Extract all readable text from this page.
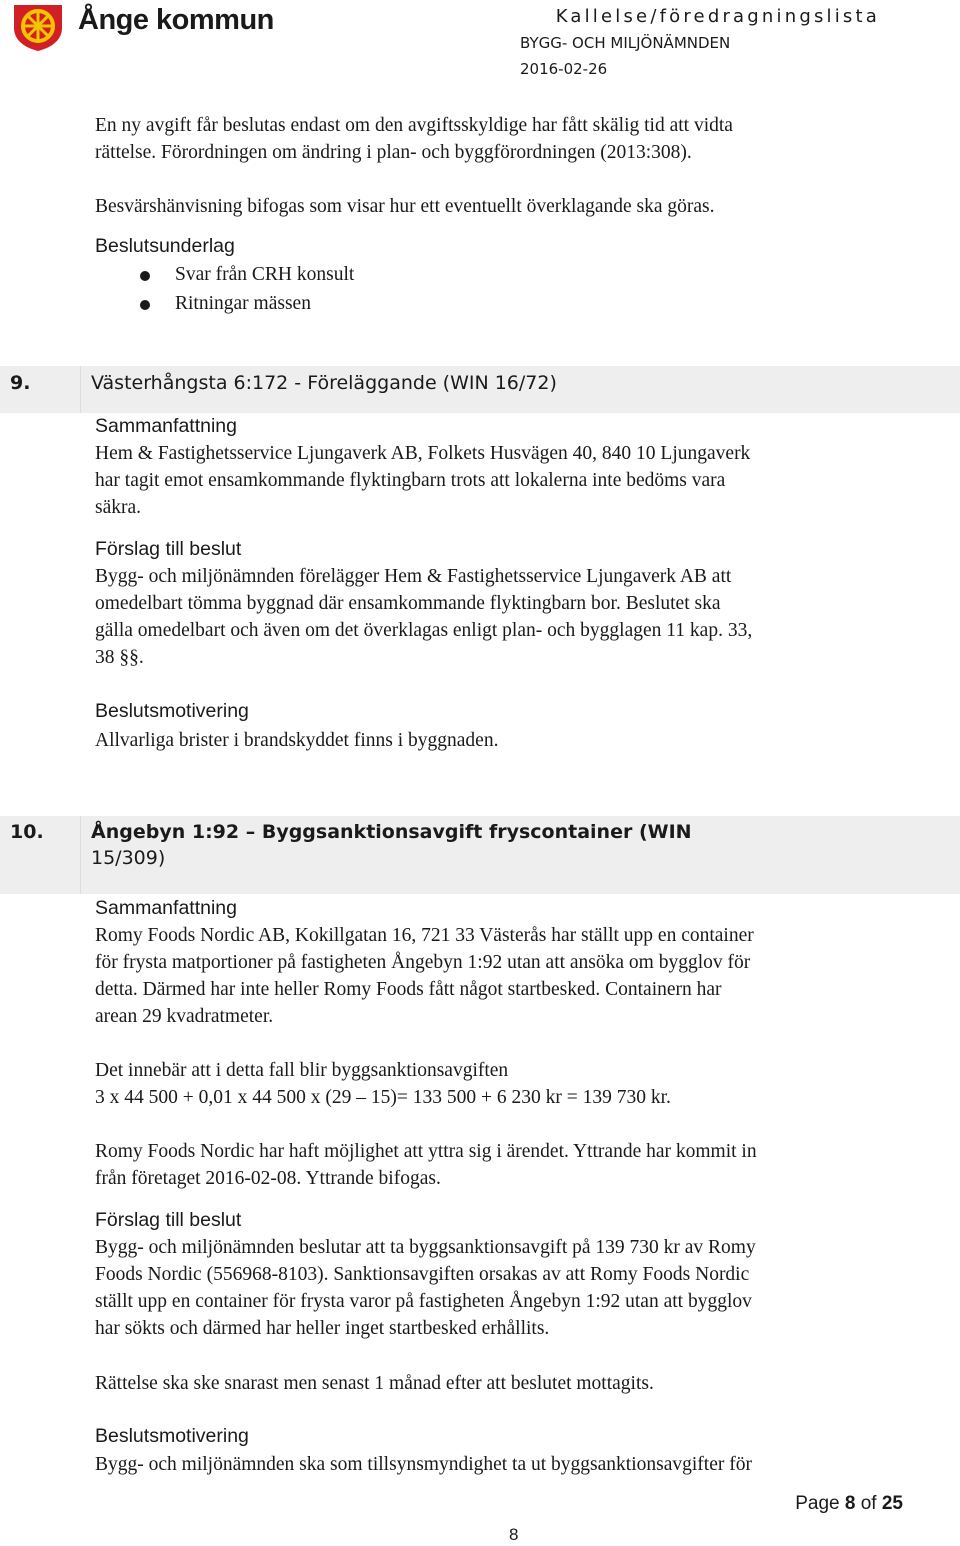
Ånge kommun	Kallelse/föredragningslista
BYGG- OCH MILJÖNÄMNDEN
2016-02-26
En ny avgift får beslutas endast om den avgiftsskyldige har fått skälig tid att vidta
rättelse. Förordningen om ändring i plan- och byggförordningen (2013:308).
Besvärshänvisning bifogas som visar hur ett eventuellt överklagande ska göras.
Beslutsunderlag
Svar från CRH konsult
Ritningar mässen
9.	Västerhångsta 6:172 - Föreläggande (WIN 16/72)
Sammanfattning
Hem & Fastighetsservice Ljungaverk AB, Folkets Husvägen 40, 840 10 Ljungaverk
har tagit emot ensamkommande flyktingbarn trots att lokalerna inte bedöms vara
säkra.
Förslag till beslut
Bygg- och miljönämnden förelägger Hem & Fastighetsservice Ljungaverk AB att
omedelbart tömma byggnad där ensamkommande flyktingbarn bor. Beslutet ska
gälla omedelbart och även om det överklagas enligt plan- och bygglagen 11 kap. 33,
38 §§.
Beslutsmotivering
Allvarliga brister i brandskyddet finns i byggnaden.
10. Ångebyn 1:92 – Byggsanktionsavgift fryscontainer (WIN
15/309)
Sammanfattning
Romy Foods Nordic AB, Kokillgatan 16, 721 33 Västerås har ställt upp en container
för frysta matportioner på fastigheten Ångebyn 1:92 utan att ansöka om bygglov för
detta. Därmed har inte heller Romy Foods fått något startbesked. Containern har
arean 29 kvadratmeter.
Det innebär att i detta fall blir byggsanktionsavgiften
3 x 44 500 + 0,01 x 44 500 x (29 – 15)= 133 500 + 6 230 kr = 139 730 kr.
Romy Foods Nordic har haft möjlighet att yttra sig i ärendet. Yttrande har kommit in
från företaget 2016-02-08. Yttrande bifogas.
Förslag till beslut
Bygg- och miljönämnden beslutar att ta byggsanktionsavgift på 139 730 kr av Romy
Foods Nordic (556968-8103). Sanktionsavgiften orsakas av att Romy Foods Nordic
ställt upp en container för frysta varor på fastigheten Ångebyn 1:92 utan att bygglov
har sökts och därmed har heller inget startbesked erhållits.
Rättelse ska ske snarast men senast 1 månad efter att beslutet mottagits.
Beslutsmotivering
Bygg- och miljönämnden ska som tillsynsmyndighet ta ut byggsanktionsavgifter för
Page 8 of 25
8
